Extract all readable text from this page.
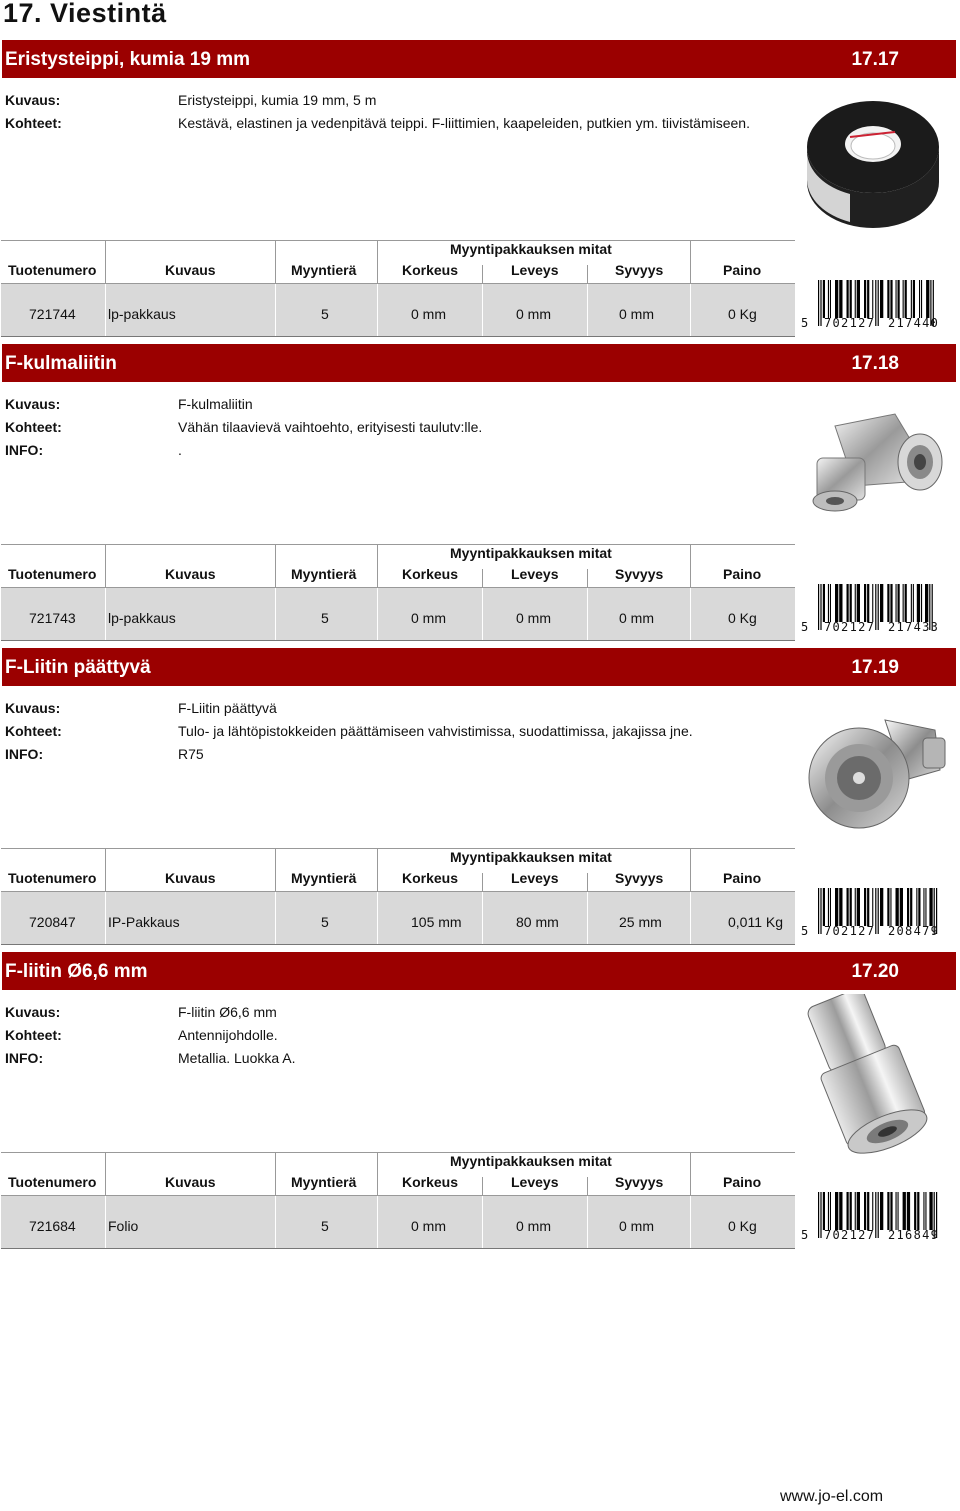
17. Viestintä
Eristysteippi, kumia 19 mm	17.17
Kuvaus:	Eristysteippi, kumia 19 mm, 5 m
Kohteet:	Kestävä, elastinen ja vedenpitävä teippi. F-liittimien, kaapeleiden, putkien ym. tiivistämiseen.
Myyntipakkauksen mitat
Tuotenumero	Kuvaus	Myyntierä	Korkeus	Leveys	Syvyys	Paino
721744 lp-pakkaus	5	0 mm	0 mm	0 mm	0 Kg
5 702127 217440
F-kulmaliitin	17.18
Kuvaus:	F-kulmaliitin
Kohteet:	Vähän tilaavievä vaihtoehto, erityisesti taulutv:lle.
INFO:	.
Myyntipakkauksen mitat
Tuotenumero	Kuvaus	Myyntierä	Korkeus	Leveys	Syvyys	Paino
721743 lp-pakkaus	5	0 mm	0 mm	0 mm	0 Kg
5 702127 217433
F-Liitin päättyvä	17.19
Kuvaus:	F-Liitin päättyvä
Kohteet:	Tulo- ja lähtöpistokkeiden päättämiseen vahvistimissa, suodattimissa, jakajissa jne.
INFO:	R75
Myyntipakkauksen mitat
Tuotenumero	Kuvaus	Myyntierä	Korkeus	Leveys	Syvyys	Paino
720847 IP-Pakkaus	5	105 mm	80 mm	25 mm	0,011 Kg
5 702127 208479
F-liitin Ø6,6 mm	17.20
Kuvaus:	F-liitin Ø6,6 mm
Kohteet:	Antennijohdolle.
INFO:	Metallia. Luokka A.
Myyntipakkauksen mitat
Tuotenumero	Kuvaus	Myyntierä	Korkeus	Leveys	Syvyys	Paino
721684 Folio	5	0 mm	0 mm	0 mm	0 Kg
5 702127 216849
www.jo-el.com
